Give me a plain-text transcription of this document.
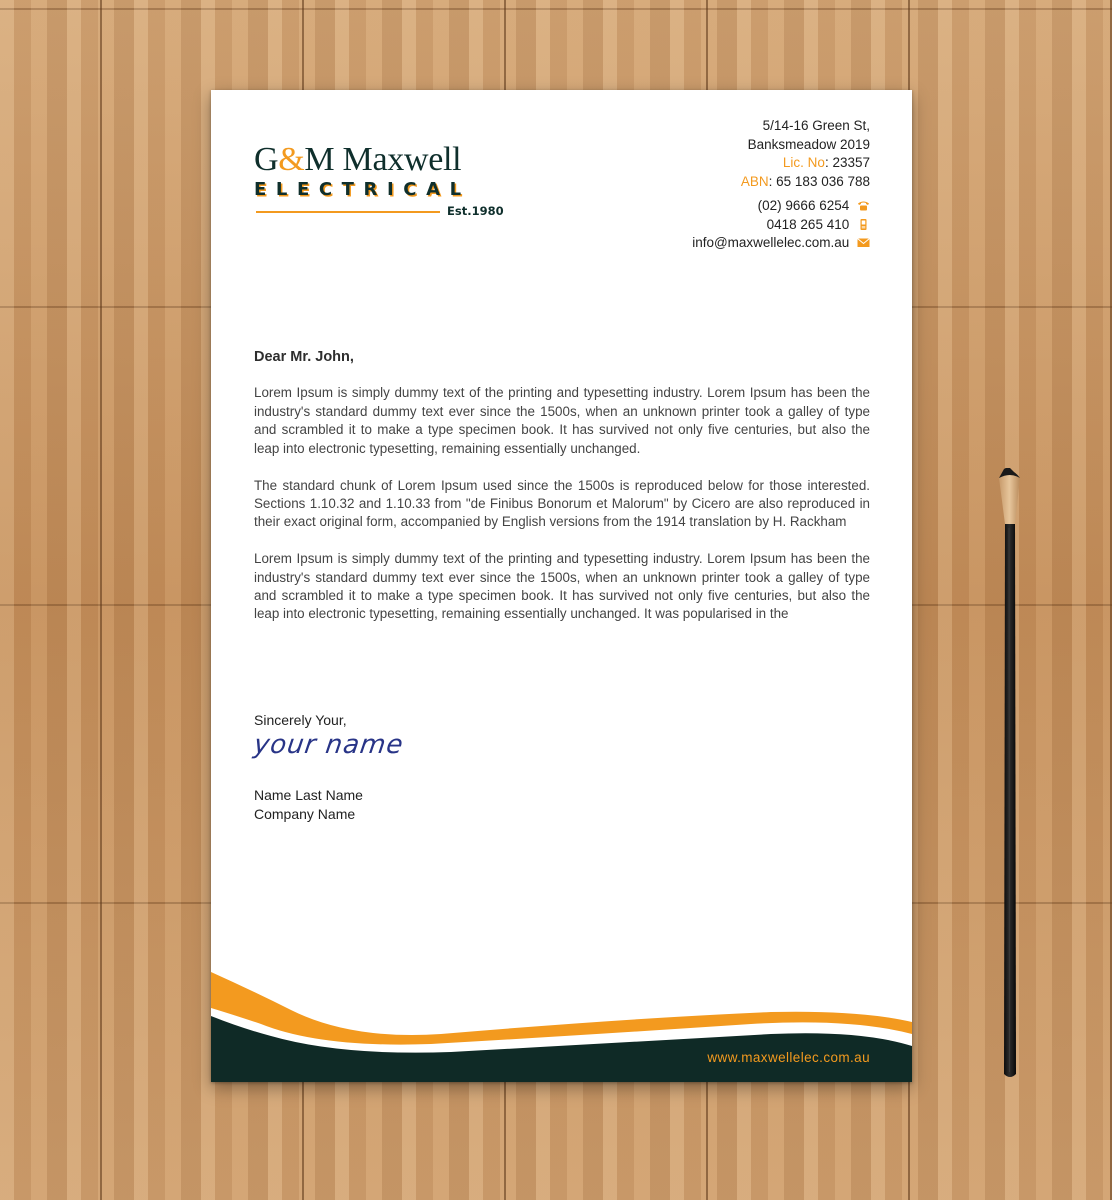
G&M Maxwell
ELECTRICAL
Est.1980
5/14-16 Green St,
Banksmeadow 2019
Lic. No: 23357
ABN: 65 183 036 788
(02) 9666 6254
0418 265 410
info@maxwellelec.com.au

Dear Mr. John,

Lorem Ipsum is simply dummy text of the printing and typesetting industry. Lorem Ipsum has been the industry's standard dummy text ever since the 1500s, when an unknown printer took a galley of type and scrambled it to make a type specimen book. It has survived not only five centuries, but also the leap into electronic typesetting, remaining essentially unchanged.

The standard chunk of Lorem Ipsum used since the 1500s is reproduced below for those interested. Sections 1.10.32 and 1.10.33 from "de Finibus Bonorum et Malorum" by Cicero are also reproduced in their exact original form, accompanied by English versions from the 1914 translation by H. Rackham

Lorem Ipsum is simply dummy text of the printing and typesetting industry. Lorem Ipsum has been the industry's standard dummy text ever since the 1500s, when an unknown printer took a galley of type and scrambled it to make a type specimen book. It has survived not only five centuries, but also the leap into electronic typesetting, remaining essentially unchanged. It was popularised in the

Sincerely Your,
your name
Name Last Name
Company Name
www.maxwellelec.com.au
